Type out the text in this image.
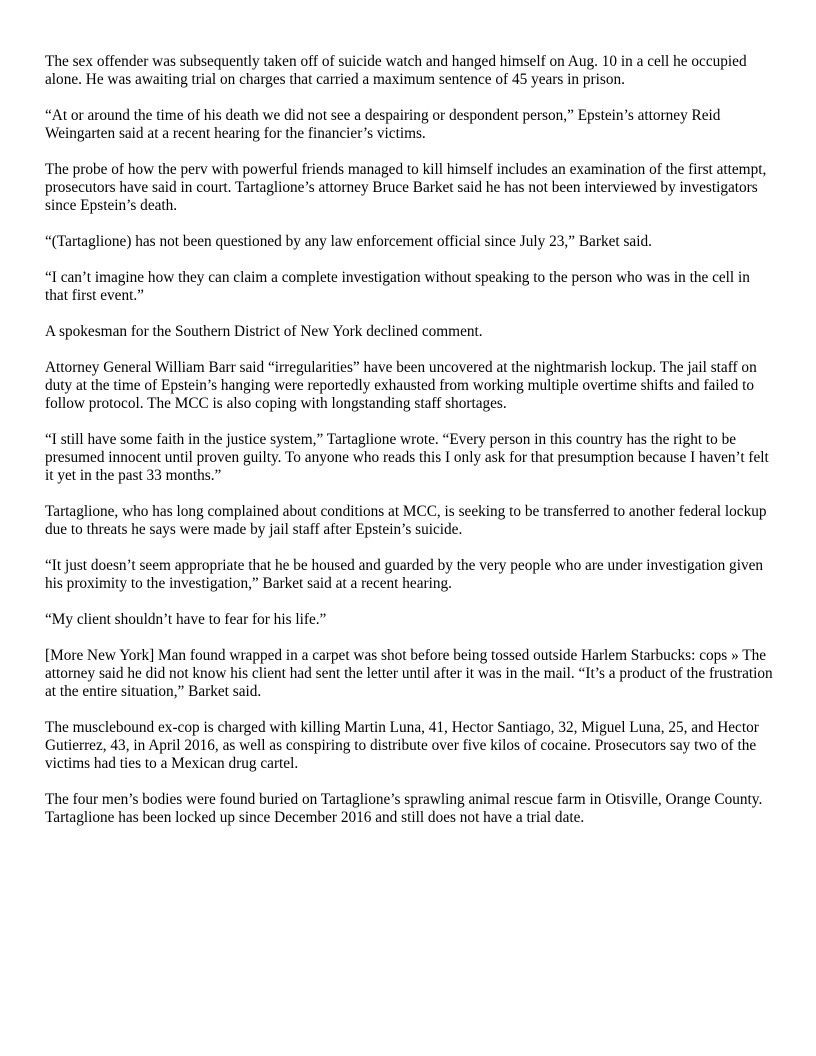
The sex offender was subsequently taken off of suicide watch and hanged himself on Aug. 10 in a cell he occupied alone. He was awaiting trial on charges that carried a maximum sentence of 45 years in prison.

“At or around the time of his death we did not see a despairing or despondent person,” Epstein’s attorney Reid Weingarten said at a recent hearing for the financier’s victims.

The probe of how the perv with powerful friends managed to kill himself includes an examination of the first attempt, prosecutors have said in court. Tartaglione’s attorney Bruce Barket said he has not been interviewed by investigators since Epstein’s death.

“(Tartaglione) has not been questioned by any law enforcement official since July 23,” Barket said.

“I can’t imagine how they can claim a complete investigation without speaking to the person who was in the cell in that first event.”

A spokesman for the Southern District of New York declined comment.

Attorney General William Barr said “irregularities” have been uncovered at the nightmarish lockup. The jail staff on duty at the time of Epstein’s hanging were reportedly exhausted from working multiple overtime shifts and failed to follow protocol. The MCC is also coping with longstanding staff shortages.

“I still have some faith in the justice system,” Tartaglione wrote. “Every person in this country has the right to be presumed innocent until proven guilty. To anyone who reads this I only ask for that presumption because I haven’t felt it yet in the past 33 months.”

Tartaglione, who has long complained about conditions at MCC, is seeking to be transferred to another federal lockup due to threats he says were made by jail staff after Epstein’s suicide.

“It just doesn’t seem appropriate that he be housed and guarded by the very people who are under investigation given his proximity to the investigation,” Barket said at a recent hearing.

“My client shouldn’t have to fear for his life.”

[More New York] Man found wrapped in a carpet was shot before being tossed outside Harlem Starbucks: cops » The attorney said he did not know his client had sent the letter until after it was in the mail. “It’s a product of the frustration at the entire situation,” Barket said.

The musclebound ex-cop is charged with killing Martin Luna, 41, Hector Santiago, 32, Miguel Luna, 25, and Hector Gutierrez, 43, in April 2016, as well as conspiring to distribute over five kilos of cocaine. Prosecutors say two of the victims had ties to a Mexican drug cartel.

The four men’s bodies were found buried on Tartaglione’s sprawling animal rescue farm in Otisville, Orange County. Tartaglione has been locked up since December 2016 and still does not have a trial date.
